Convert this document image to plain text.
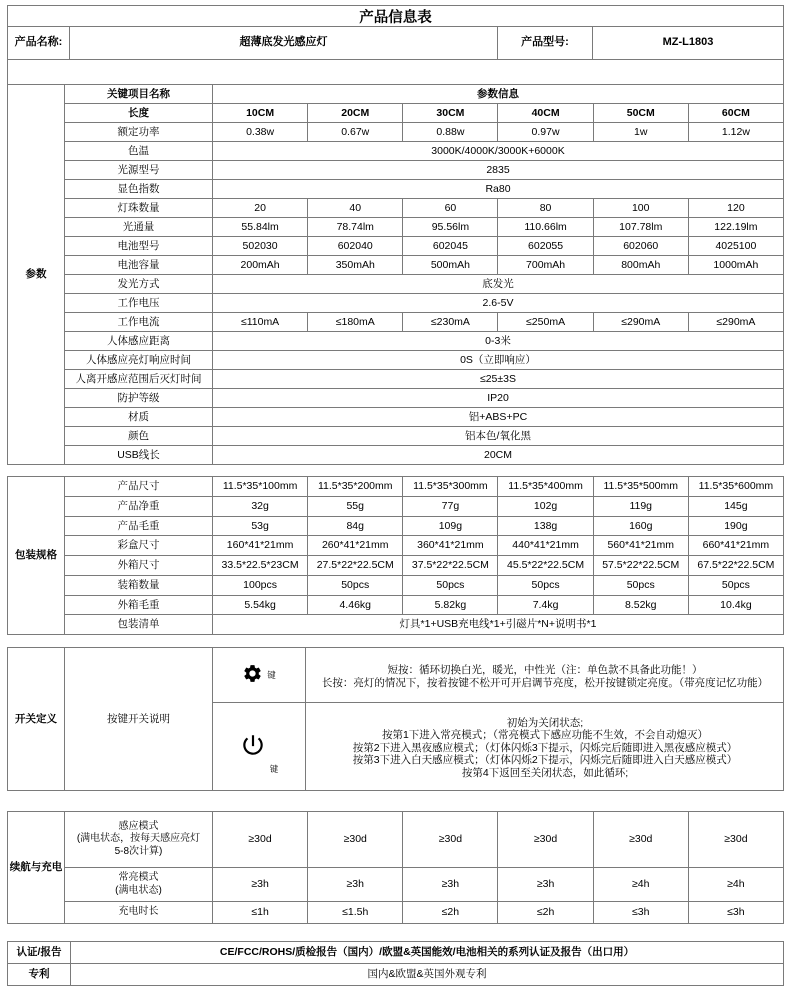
产品信息表
产品名称:	超薄底发光感应灯	产品型号:	MZ-L1803
参数
关键项目名称	参数信息
长度	10CM	20CM	30CM	40CM	50CM	60CM
额定功率	0.38w	0.67w	0.88w	0.97w	1w	1.12w
色温	3000K/4000K/3000K+6000K
光源型号	2835
显色指数	Ra80
灯珠数量	20	40	60	80	100	120
光通量	55.84lm	78.74lm	95.56lm	110.66lm	107.78lm	122.19lm
电池型号	502030	602040	602045	602055	602060	4025100
电池容量	200mAh	350mAh	500mAh	700mAh	800mAh	1000mAh
发光方式	底发光
工作电压	2.6-5V
工作电流	≤110mA	≤180mA	≤230mA	≤250mA	≤290mA	≤290mA
人体感应距离	0-3米
人体感应亮灯响应时间	0S（立即响应）
人离开感应范围后灭灯时间	≤25±3S
防护等级	IP20
材质	铝+ABS+PC
颜色	铝本色/氧化黑
USB线长	20CM
包装规格
产品尺寸	11.5*35*100mm	11.5*35*200mm	11.5*35*300mm	11.5*35*400mm	11.5*35*500mm	11.5*35*600mm
产品净重	32g	55g	77g	102g	119g	145g
产品毛重	53g	84g	109g	138g	160g	190g
彩盒尺寸	160*41*21mm	260*41*21mm	360*41*21mm	440*41*21mm	560*41*21mm	660*41*21mm
外箱尺寸	33.5*22.5*23CM	27.5*22*22.5CM	37.5*22*22.5CM	45.5*22*22.5CM	57.5*22*22.5CM	67.5*22*22.5CM
装箱数量	100pcs	50pcs	50pcs	50pcs	50pcs	50pcs
外箱毛重	5.54kg	4.46kg	5.82kg	7.4kg	8.52kg	10.4kg
包装清单	灯具*1+USB充电线*1+引磁片*N+说明书*1
开关定义	按键开关说明
键	短按：循环切换白光，暖光，中性光（注：单色款不具备此功能！）
长按：亮灯的情况下，按着按键不松开可开启调节亮度，松开按键锁定亮度。（带亮度记忆功能）
键
初始为关闭状态;
按第1下进入常亮模式；（常亮模式下感应功能不生效，不会自动熄灭）
按第2下进入黑夜感应模式；（灯体闪烁3下提示，闪烁完后随即进入黑夜感应模式）
按第3下进入白天感应模式；（灯体闪烁2下提示，闪烁完后随即进入白天感应模式）
按第4下返回至关闭状态，如此循环;
续航与充电
感应模式
(满电状态，按每天感应亮灯
5-8次计算)
≥30d	≥30d	≥30d	≥30d	≥30d	≥30d
常亮模式
(满电状态)	≥3h	≥3h	≥3h	≥3h	≥4h	≥4h
充电时长	≤1h	≤1.5h	≤2h	≤2h	≤3h	≤3h
认证/报告	CE/FCC/ROHS/质检报告（国内）/欧盟&英国能效/电池相关的系列认证及报告（出口用）
专利	国内&欧盟&英国外观专利
